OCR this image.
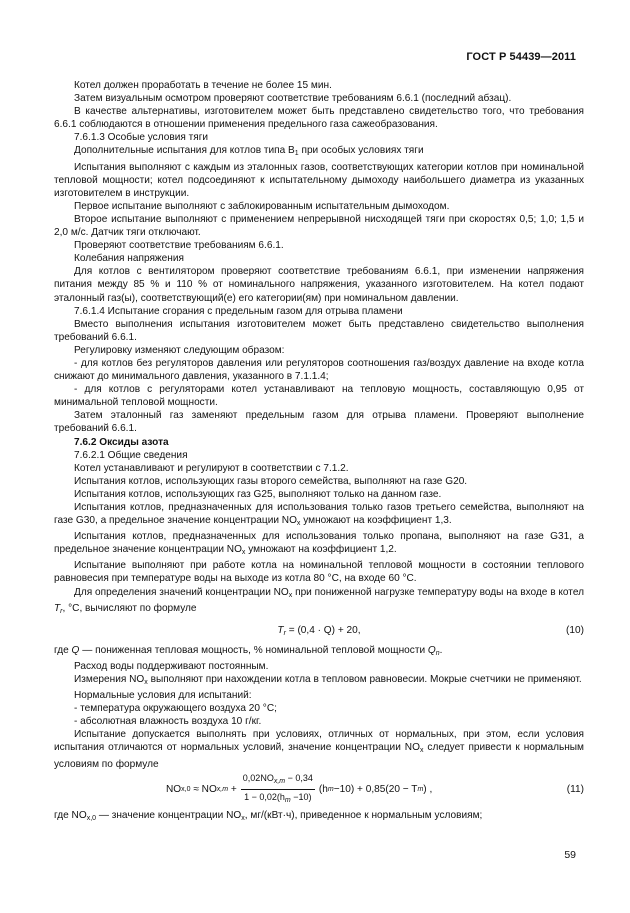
ГОСТ Р 54439—2011

Котел должен проработать в течение не более 15 мин.

Затем визуальным осмотром проверяют соответствие требованиям 6.6.1 (последний абзац).

В качестве альтернативы, изготовителем может быть представлено свидетельство того, что требования 6.6.1 соблюдаются в отношении применения предельного газа сажеобразования.

7.6.1.3 Особые условия тяги

Дополнительные испытания для котлов типа $B_1$ при особых условиях тяги

Испытания выполняют с каждым из эталонных газов, соответствующих категории котлов при номинальной тепловой мощности; котел подсоединяют к испытательному дымоходу наибольшего диаметра из указанных изготовителем в инструкции.

Первое испытание выполняют с заблокированным испытательным дымоходом.

Второе испытание выполняют с применением непрерывной нисходящей тяги при скоростях 0,5; 1,0; 1,5 и 2,0 м/с. Датчик тяги отключают.

Проверяют соответствие требованиям 6.6.1.

Колебания напряжения

Для котлов с вентилятором проверяют соответствие требованиям 6.6.1, при изменении напряжения питания между 85 % и 110 % от номинального напряжения, указанного изготовителем. На котел подают эталонный газ(ы), соответствующий(е) его категории(ям) при номинальном давлении.

7.6.1.4 Испытание сгорания с предельным газом для отрыва пламени

Вместо выполнения испытания изготовителем может быть представлено свидетельство выполнения требований 6.6.1.

Регулировку изменяют следующим образом:

- для котлов без регуляторов давления или регуляторов соотношения газ/воздух давление на входе котла снижают до минимального давления, указанного в 7.1.1.4;

- для котлов с регуляторами котел устанавливают на тепловую мощность, составляющую 0,95 от минимальной тепловой мощности.

Затем эталонный газ заменяют предельным газом для отрыва пламени. Проверяют выполнение требований 6.6.1.

7.6.2 Оксиды азота

7.6.2.1 Общие сведения

Котел устанавливают и регулируют в соответствии с 7.1.2.

Испытания котлов, использующих газы второго семейства, выполняют на газе G20.

Испытания котлов, использующих газ G25, выполняют только на данном газе.

Испытания котлов, предназначенных для использования только газов третьего семейства, выполняют на газе G30, а предельное значение концентрации $NO_x$ умножают на коэффициент 1,3.

Испытания котлов, предназначенных для использования только пропана, выполняют на газе G31, а предельное значение концентрации $NO_x$ умножают на коэффициент 1,2.

Испытание выполняют при работе котла на номинальной тепловой мощности в состоянии теплового равновесия при температуре воды на выходе из котла 80 °С, на входе 60 °С.

Для определения значений концентрации $NO_x$ при пониженной нагрузке температуру воды на входе в котел $T_r$, °С, вычисляют по формуле

$T_r = (0,4 \cdot Q) + 20$,	(10)

где Q — пониженная тепловая мощность, % номинальной тепловой мощности $Q_n$.

Расход воды поддерживают постоянным.

Измерения $NO_x$ выполняют при нахождении котла в тепловом равновесии. Мокрые счетчики не применяют.

Нормальные условия для испытаний:

- температура окружающего воздуха 20 °С;

- абсолютная влажность воздуха 10 г/кг.

Испытание допускается выполнять при условиях, отличных от нормальных, при этом, если условия испытания отличаются от нормальных условий, значение концентрации $NO_x$ следует привести к нормальным условиям по формуле

NO x,0
≈
NO x,m
+ $\frac{0,02NO_{x,m} - 0,34}{1 - 0,02(h_m -10)} (h$ m −10) + 0,85(20 − T m ) ,	(11)

где $NO_{x,0}$ — значение концентрации $NO_x$, мг/(кВт·ч), приведенное к нормальным условиям;

59
